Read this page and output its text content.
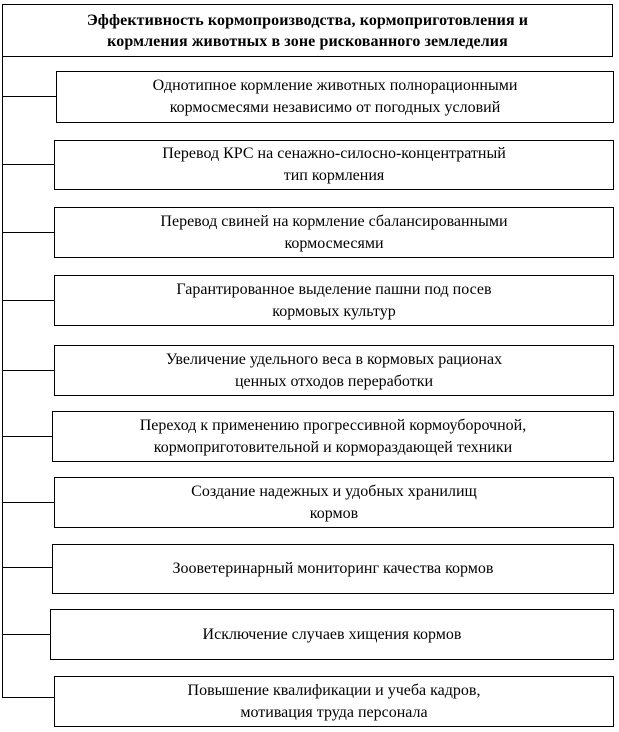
Эффективность кормопроизводства, кормоприготовления и
кормления животных в зоне рискованного земледелия
Однотипное кормление животных полнорационными
кормосмесями независимо от погодных условий
Перевод КРС на сенажно-силосно-концентратный
тип кормления
Перевод свиней на кормление сбалансированными
кормосмесями
Гарантированное выделение пашни под посев
кормовых культур
Увеличение удельного веса в кормовых рационах
ценных отходов переработки
Переход к применению прогрессивной кормоуборочной,
кормоприготовительной и кормораздающей техники
Создание надежных и удобных хранилищ
кормов
Зооветеринарный мониторинг качества кормов
Исключение случаев хищения кормов
Повышение квалификации и учеба кадров,
мотивация труда персонала
